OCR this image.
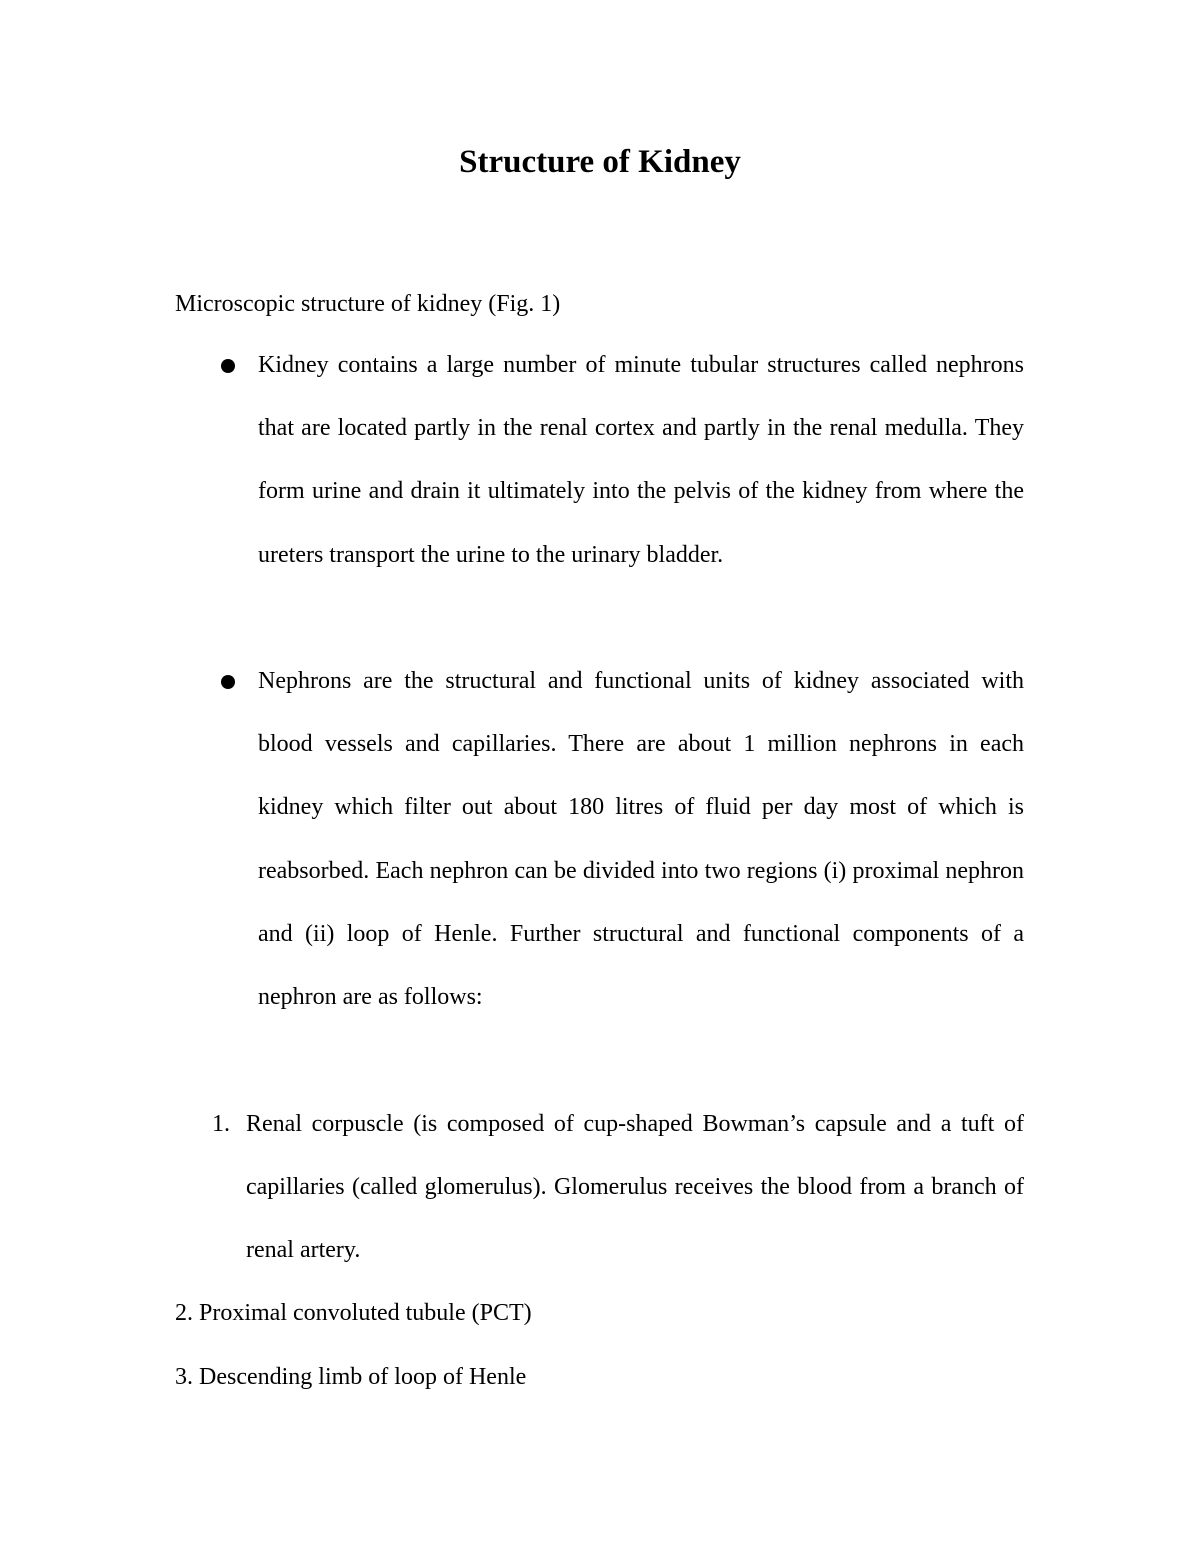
Structure of Kidney

Microscopic structure of kidney (Fig. 1)

Kidney contains a large number of minute tubular structures called nephrons that are located partly in the renal cortex and partly in the renal medulla. They form urine and drain it ultimately into the pelvis of the kidney from where the ureters transport the urine to the urinary bladder.

Nephrons are the structural and functional units of kidney associated with blood vessels and capillaries. There are about 1 million nephrons in each kidney which filter out about 180 litres of fluid per day most of which is reabsorbed. Each nephron can be divided into two regions (i) proximal nephron and (ii) loop of Henle. Further structural and functional components of a nephron are as follows:

1. Renal corpuscle (is composed of cup-shaped Bowman’s capsule and a tuft of capillaries (called glomerulus). Glomerulus receives the blood from a branch of renal artery.
2. Proximal convoluted tubule (PCT)
3. Descending limb of loop of Henle
